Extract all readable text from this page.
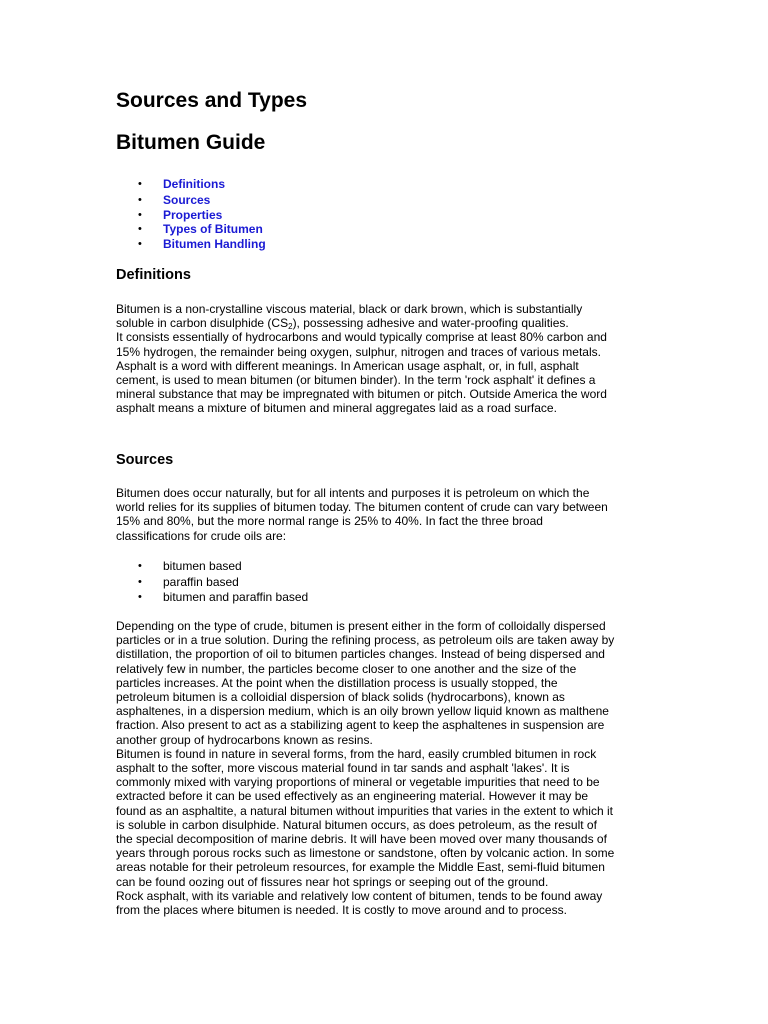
Sources and Types
Bitumen Guide
• Definitions
• Sources
• Properties
• Types of Bitumen
• Bitumen Handling
Definitions
Bitumen is a non-crystalline viscous material, black or dark brown, which is substantially
soluble in carbon disulphide $(CS_2)$, possessing adhesive and water-proofing qualities.
It consists essentially of hydrocarbons and would typically comprise at least 80% carbon and
15% hydrogen, the remainder being oxygen, sulphur, nitrogen and traces of various metals.
Asphalt is a word with different meanings. In American usage asphalt, or, in full, asphalt
cement, is used to mean bitumen (or bitumen binder). In the term 'rock asphalt' it defines a
mineral substance that may be impregnated with bitumen or pitch. Outside America the word
asphalt means a mixture of bitumen and mineral aggregates laid as a road surface.
Sources
Bitumen does occur naturally, but for all intents and purposes it is petroleum on which the
world relies for its supplies of bitumen today. The bitumen content of crude can vary between
15% and 80%, but the more normal range is 25% to 40%. In fact the three broad
classifications for crude oils are:
• bitumen based
• paraffin based
• bitumen and paraffin based
Depending on the type of crude, bitumen is present either in the form of colloidally dispersed
particles or in a true solution. During the refining process, as petroleum oils are taken away by
distillation, the proportion of oil to bitumen particles changes. Instead of being dispersed and
relatively few in number, the particles become closer to one another and the size of the
particles increases. At the point when the distillation process is usually stopped, the
petroleum bitumen is a colloidial dispersion of black solids (hydrocarbons), known as
asphaltenes, in a dispersion medium, which is an oily brown yellow liquid known as malthene
fraction. Also present to act as a stabilizing agent to keep the asphaltenes in suspension are
another group of hydrocarbons known as resins.
Bitumen is found in nature in several forms, from the hard, easily crumbled bitumen in rock
asphalt to the softer, more viscous material found in tar sands and asphalt 'lakes'. It is
commonly mixed with varying proportions of mineral or vegetable impurities that need to be
extracted before it can be used effectively as an engineering material. However it may be
found as an asphaltite, a natural bitumen without impurities that varies in the extent to which it
is soluble in carbon disulphide. Natural bitumen occurs, as does petroleum, as the result of
the special decomposition of marine debris. It will have been moved over many thousands of
years through porous rocks such as limestone or sandstone, often by volcanic action. In some
areas notable for their petroleum resources, for example the Middle East, semi-fluid bitumen
can be found oozing out of fissures near hot springs or seeping out of the ground.
Rock asphalt, with its variable and relatively low content of bitumen, tends to be found away
from the places where bitumen is needed. It is costly to move around and to process.
